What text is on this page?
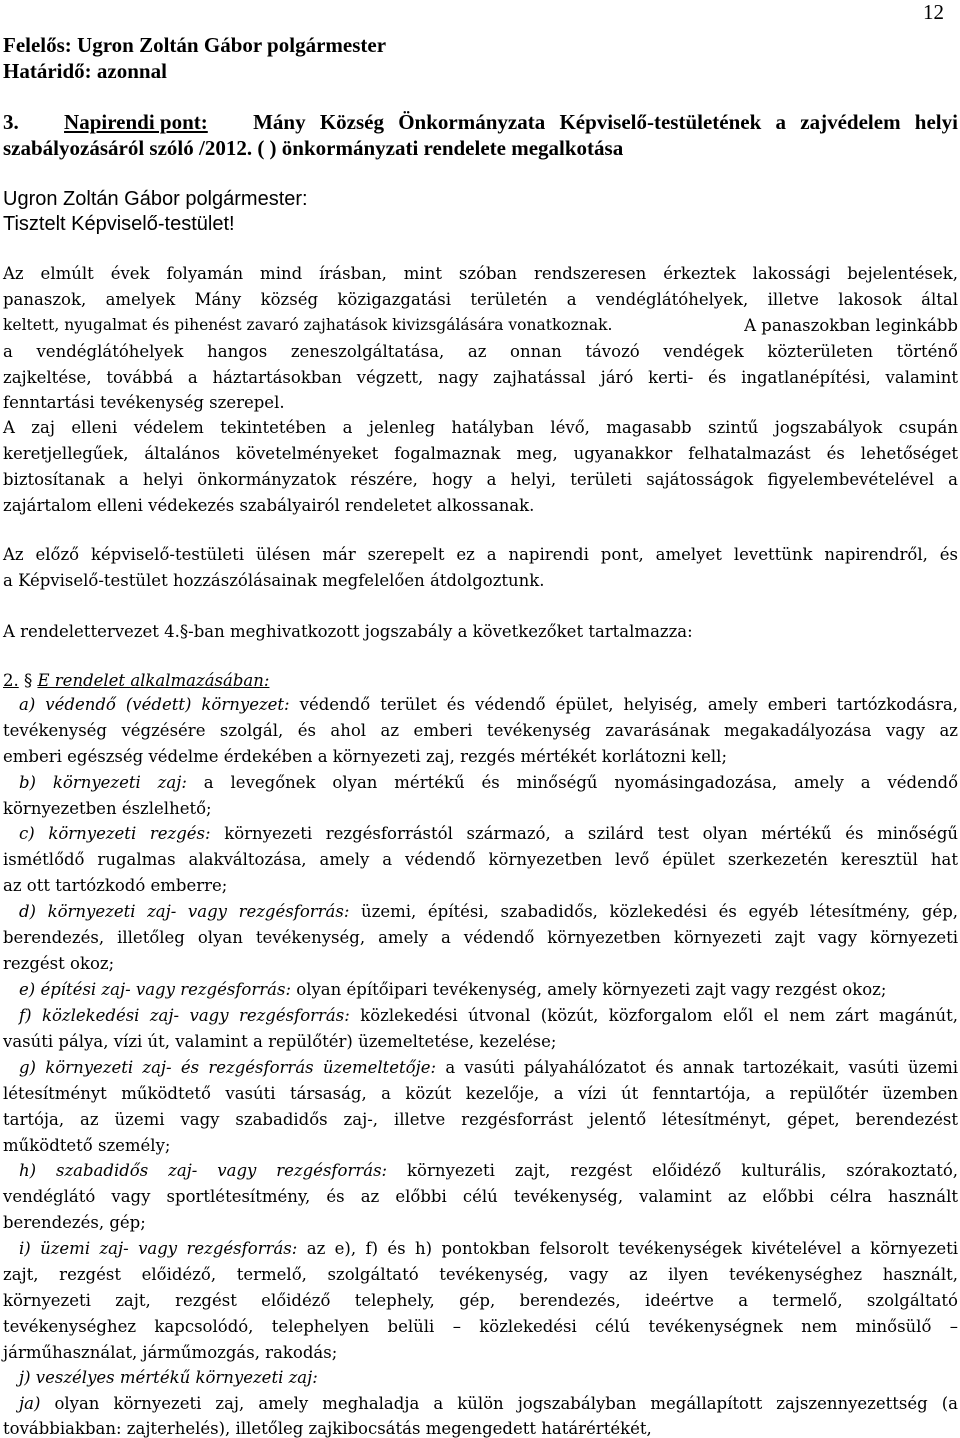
12
Felelős: Ugron Zoltán Gábor polgármester
Határidő: azonnal
3. Napirendi pont: Mány Község Önkormányzata Képviselő-testületének a zajvédelem helyi
szabályozásáról szóló /2012. ( ) önkormányzati rendelete megalkotása
Ugron Zoltán Gábor polgármester:
Tisztelt Képviselő-testület!
Az elmúlt évek folyamán mind írásban, mint szóban rendszeresen érkeztek lakossági bejelentések,
panaszok, amelyek Mány község közigazgatási területén a vendéglátóhelyek, illetve lakosok által
keltett, nyugalmat és pihenést zavaró zajhatások kivizsgálására vonatkoznak.	A panaszokban leginkább
a vendéglátóhelyek hangos zeneszolgáltatása, az onnan távozó vendégek közterületen történő
zajkeltése, továbbá a háztartásokban végzett, nagy zajhatással járó kerti- és ingatlanépítési, valamint
fenntartási tevékenység szerepel.
A zaj elleni védelem tekintetében a jelenleg hatályban lévő, magasabb szintű jogszabályok csupán
keretjellegűek, általános követelményeket fogalmaznak meg, ugyanakkor felhatalmazást és lehetőséget
biztosítanak a helyi önkormányzatok részére, hogy a helyi, területi sajátosságok figyelembevételével a
zajártalom elleni védekezés szabályairól rendeletet alkossanak.
Az előző képviselő-testületi ülésen már szerepelt ez a napirendi pont, amelyet levettünk napirendről, és
a Képviselő-testület hozzászólásainak megfelelően átdolgoztunk.
A rendelettervezet 4.§-ban meghivatkozott jogszabály a következőket tartalmazza:
2. § E rendelet alkalmazásában:
a) védendő (védett) környezet: védendő terület és védendő épület, helyiség, amely emberi tartózkodásra,
tevékenység végzésére szolgál, és ahol az emberi tevékenység zavarásának megakadályozása vagy az
emberi egészség védelme érdekében a környezeti zaj, rezgés mértékét korlátozni kell;
b) környezeti zaj: a levegőnek olyan mértékű és minőségű nyomásingadozása, amely a védendő
környezetben észlelhető;
c) környezeti rezgés: környezeti rezgésforrástól származó, a szilárd test olyan mértékű és minőségű
ismétlődő rugalmas alakváltozása, amely a védendő környezetben levő épület szerkezetén keresztül hat
az ott tartózkodó emberre;
d) környezeti zaj- vagy rezgésforrás: üzemi, építési, szabadidős, közlekedési és egyéb létesítmény, gép,
berendezés, illetőleg olyan tevékenység, amely a védendő környezetben környezeti zajt vagy környezeti
rezgést okoz;
e) építési zaj- vagy rezgésforrás: olyan építőipari tevékenység, amely környezeti zajt vagy rezgést okoz;
f) közlekedési zaj- vagy rezgésforrás: közlekedési útvonal (közút, közforgalom elől el nem zárt magánút,
vasúti pálya, vízi út, valamint a repülőtér) üzemeltetése, kezelése;
g) környezeti zaj- és rezgésforrás üzemeltetője: a vasúti pályahálózatot és annak tartozékait, vasúti üzemi
létesítményt működtető vasúti társaság, a közút kezelője, a vízi út fenntartója, a repülőtér üzemben
tartója, az üzemi vagy szabadidős zaj-, illetve rezgésforrást jelentő létesítményt, gépet, berendezést
működtető személy;
h) szabadidős zaj- vagy rezgésforrás: környezeti zajt, rezgést előidéző kulturális, szórakoztató,
vendéglátó vagy sportlétesítmény, és az előbbi célú tevékenység, valamint az előbbi célra használt
berendezés, gép;
i) üzemi zaj- vagy rezgésforrás: az e), f) és h) pontokban felsorolt tevékenységek kivételével a környezeti
zajt, rezgést előidéző, termelő, szolgáltató tevékenység, vagy az ilyen tevékenységhez használt,
környezeti zajt, rezgést előidéző telephely, gép, berendezés, ideértve a termelő, szolgáltató
tevékenységhez kapcsolódó, telephelyen belüli – közlekedési célú tevékenységnek nem minősülő –
járműhasználat, járműmozgás, rakodás;
j) veszélyes mértékű környezeti zaj:
ja) olyan környezeti zaj, amely meghaladja a külön jogszabályban megállapított zajszennyezettség (a
továbbiakban: zajterhelés), illetőleg zajkibocsátás megengedett határértékét,
